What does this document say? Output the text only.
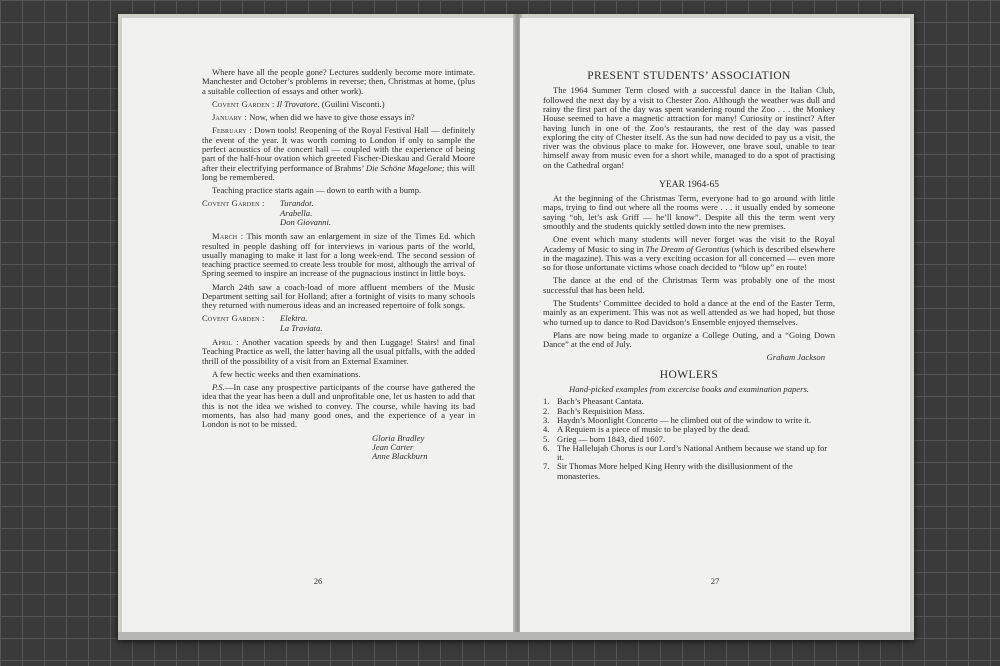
Where have all the people gone? Lectures suddenly become more intimate. Manchester and October’s problems in reverse; then, Christmas at home, (plus a suitable collection of essays and other work).

Covent Garden : Il Trovatore. (Guilini Visconti.)

January : Now, when did we have to give those essays in?

February : Down tools! Reopening of the Royal Festival Hall — definitely the event of the year. It was worth coming to London if only to sample the perfect acoustics of the concert hall — coupled with the experience of being part of the half-hour ovation which greeted Fischer-Dieskau and Gerald Moore after their electrifying performance of Brahms’ Die Schöne Magelone; this will long be remembered.

Teaching practice starts again — down to earth with a bump.

Covent Garden :	Turandot.
Arabella.
Don Giovanni.

March : This month saw an enlargement in size of the Times Ed. which resulted in people dashing off for interviews in various parts of the world, usually managing to make it last for a long week-end. The second session of teaching practice seemed to create less trouble for most, although the arrival of Spring seemed to inspire an increase of the pugnacious instinct in little boys.

March 24th saw a coach-load of more affluent members of the Music Department setting sail for Holland; after a fortnight of visits to many schools they returned with numerous ideas and an increased repertoire of folk songs.

Covent Garden :	Elektra.
La Traviata.

April : Another vacation speeds by and then Luggage! Stairs! and final Teaching Practice as well, the latter having all the usual pitfalls, with the added thrill of the possibility of a visit from an External Examiner.

A few hectic weeks and then examinations.

P.S.—In case any prospective participants of the course have gathered the idea that the year has been a dull and unprofitable one, let us hasten to add that this is not the idea we wished to convey. The course, while having its bad moments, has also had many good ones, and the experience of a year in London is not to be missed.

Gloria Bradley
Jean Carter
Anne Blackburn
26
PRESENT STUDENTS’ ASSOCIATION

The 1964 Summer Term closed with a successful dance in the Italian Club, followed the next day by a visit to Chester Zoo. Although the weather was dull and rainy the first part of the day was spent wandering round the Zoo . . . the Monkey House seemed to have a magnetic attraction for many! Curiosity or instinct? After having lunch in one of the Zoo’s restaurants, the rest of the day was passed exploring the city of Chester itself. As the sun had now decided to pay us a visit, the river was the obvious place to make for. However, one brave soul, unable to tear himself away from music even for a short while, managed to do a spot of practising on the Cathedral organ!

YEAR 1964-65

At the beginning of the Christmas Term, everyone had to go around with little maps, trying to find out where all the rooms were . . . it usually ended by someone saying “oh, let’s ask Griff — he’ll know”. Despite all this the term went very smoothly and the students quickly settled down into the new premises.

One event which many students will never forget was the visit to the Royal Academy of Music to sing in The Dream of Gerontius (which is described elsewhere in the magazine). This was a very exciting occasion for all concerned — even more so for those unfortunate victims whose coach decided to “blow up” en route!

The dance at the end of the Christmas Term was probably one of the most successful that has been held.

The Students’ Committee decided to hold a dance at the end of the Easter Term, mainly as an experiment. This was not as well attended as we had hoped, but those who turned up to dance to Rod Davidson’s Ensemble enjoyed themselves.

Plans are now being made to organize a College Outing, and a “Going Down Dance” at the end of July.

Graham Jackson
HOWLERS
Hand-picked examples from excercise books and examination papers.
1. Bach’s Pheasant Cantata.
2. Bach’s Requisition Mass.
3. Haydn’s Moonlight Concerto — he climbed out of the window to write it.
4. A Requiem is a piece of music to be played by the dead.
5. Grieg — born 1843, died 1607.
6. The Hallelujah Chorus is our Lord’s National Anthem because we stand up for it.
7. Sir Thomas More helped King Henry with the disillusionment of the monasteries.
27
